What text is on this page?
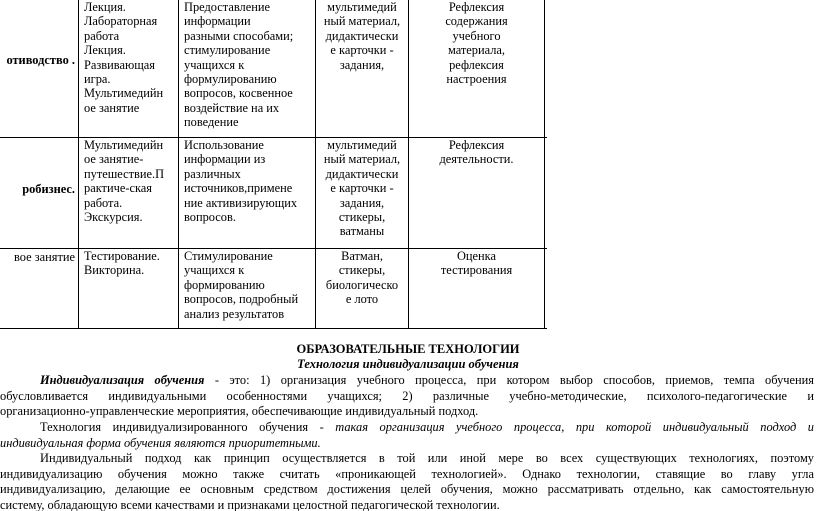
отиводство .
Лекция.
Лабораторная
работа
Лекция.
Развивающая
игра.
Мультимедийн
ое занятие
Предоставление
информации
разными способами;
стимулирование
учащихся к
формулированию
вопросов, косвенное
воздействие на их
поведение
мультимедий
ный материал,
дидактически
е карточки -
задания,
Рефлексия
содержания
учебного
материала,
рефлексия
настроения
робизнес.
Мультимедийн
ое занятие-
путешествие.П
рактиче-ская
работа.
Экскурсия.
Использование
информации из
различных
источников,примене
ние активизирующих
вопросов.
мультимедий
ный материал,
дидактически
е карточки -
задания,
стикеры,
ватманы
Рефлексия
деятельности.
вое занятие Тестирование.
Викторина.
Стимулирование
учащихся к
формированию
вопросов, подробный
анализ результатов
Ватман,
стикеры,
биологическо
е лото
Оценка
тестирования
ОБРАЗОВАТЕЛЬНЫЕ ТЕХНОЛОГИИ
Технология индивидуализации обучения
Индивидуализация обучения - это: 1) организация учебного процесса, при котором выбор способов, приемов, темпа обучения
обусловливается индивидуальными особенностями учащихся; 2) различные учебно-методические, психолого-педагогические и
организационно-управленческие мероприятия, обеспечивающие индивидуальный подход.
Технология индивидуализированного обучения - такая организация учебного процесса, при которой индивидуальный подход и
индивидуальная форма обучения являются приоритетными.
Индивидуальный подход как принцип осуществляется в той или иной мере во всех существующих технологиях, поэтому
индивидуализацию обучения можно также считать «проникающей технологией». Однако технологии, ставящие во главу угла
индивидуализацию, делающие ее основным средством достижения целей обучения, можно рассматривать отдельно, как самостоятельную
систему, обладающую всеми качествами и признаками целостной педагогической технологии.
